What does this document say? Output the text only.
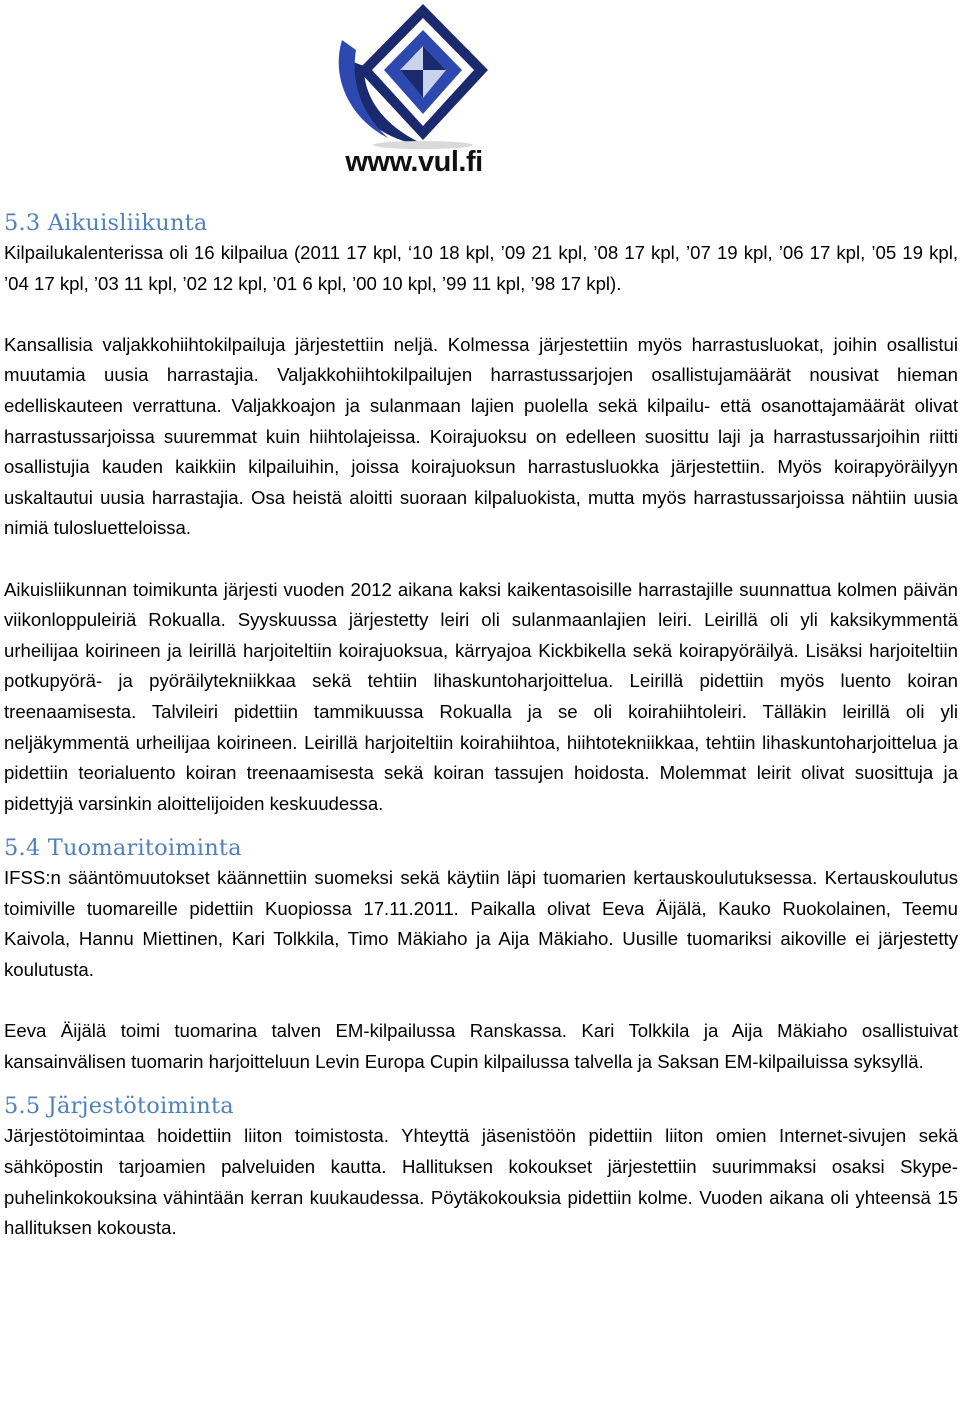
www.vul.fi
5.3 Aikuisliikunta

Kilpailukalenterissa oli 16 kilpailua (2011 17 kpl, ‘10 18 kpl, ’09 21 kpl, ’08 17 kpl, ’07 19 kpl, ’06 17 kpl, ’05 19 kpl, ’04 17 kpl, ’03 11 kpl, ’02 12 kpl, ’01 6 kpl, ’00 10 kpl, ’99 11 kpl, ’98 17 kpl).

Kansallisia valjakkohiihtokilpailuja järjestettiin neljä. Kolmessa järjestettiin myös harrastusluokat, joihin osallistui muutamia uusia harrastajia. Valjakkohiihtokilpailujen harrastussarjojen osallistujamäärät nousivat hieman edelliskauteen verrattuna. Valjakkoajon ja sulanmaan lajien puolella sekä kilpailu- että osanottajamäärät olivat harrastussarjoissa suuremmat kuin hiihtolajeissa. Koirajuoksu on edelleen suosittu laji ja harrastussarjoihin riitti osallistujia kauden kaikkiin kilpailuihin, joissa koirajuoksun harrastusluokka järjestettiin. Myös koirapyöräilyyn uskaltautui uusia harrastajia. Osa heistä aloitti suoraan kilpaluokista, mutta myös harrastussarjoissa nähtiin uusia nimiä tulosluetteloissa.

Aikuisliikunnan toimikunta järjesti vuoden 2012 aikana kaksi kaikentasoisille harrastajille suunnattua kolmen päivän viikonloppuleiriä Rokualla. Syyskuussa järjestetty leiri oli sulanmaanlajien leiri. Leirillä oli yli kaksikymmentä urheilijaa koirineen ja leirillä harjoiteltiin koirajuoksua, kärryajoa Kickbikella sekä koirapyöräilyä. Lisäksi harjoiteltiin potkupyörä- ja pyöräilytekniikkaa sekä tehtiin lihaskuntoharjoittelua. Leirillä pidettiin myös luento koiran treenaamisesta. Talvileiri pidettiin tammikuussa Rokualla ja se oli koirahiihtoleiri. Tälläkin leirillä oli yli neljäkymmentä urheilijaa koirineen. Leirillä harjoiteltiin koirahiihtoa, hiihtotekniikkaa, tehtiin lihaskuntoharjoittelua ja pidettiin teorialuento koiran treenaamisesta sekä koiran tassujen hoidosta. Molemmat leirit olivat suosittuja ja pidettyjä varsinkin aloittelijoiden keskuudessa.

5.4 Tuomaritoiminta

IFSS:n sääntömuutokset käännettiin suomeksi sekä käytiin läpi tuomarien kertauskoulutuksessa. Kertauskoulutus toimiville tuomareille pidettiin Kuopiossa 17.11.2011. Paikalla olivat Eeva Äijälä, Kauko Ruokolainen, Teemu Kaivola, Hannu Miettinen, Kari Tolkkila, Timo Mäkiaho ja Aija Mäkiaho. Uusille tuomariksi aikoville ei järjestetty koulutusta.

Eeva Äijälä toimi tuomarina talven EM-kilpailussa Ranskassa. Kari Tolkkila ja Aija Mäkiaho osallistuivat kansainvälisen tuomarin harjoitteluun Levin Europa Cupin kilpailussa talvella ja Saksan EM-kilpailuissa syksyllä.

5.5 Järjestötoiminta

Järjestötoimintaa hoidettiin liiton toimistosta. Yhteyttä jäsenistöön pidettiin liiton omien Internet-sivujen sekä sähköpostin tarjoamien palveluiden kautta. Hallituksen kokoukset järjestettiin suurimmaksi osaksi Skype-puhelinkokouksina vähintään kerran kuukaudessa. Pöytäkokouksia pidettiin kolme. Vuoden aikana oli yhteensä 15 hallituksen kokousta.
